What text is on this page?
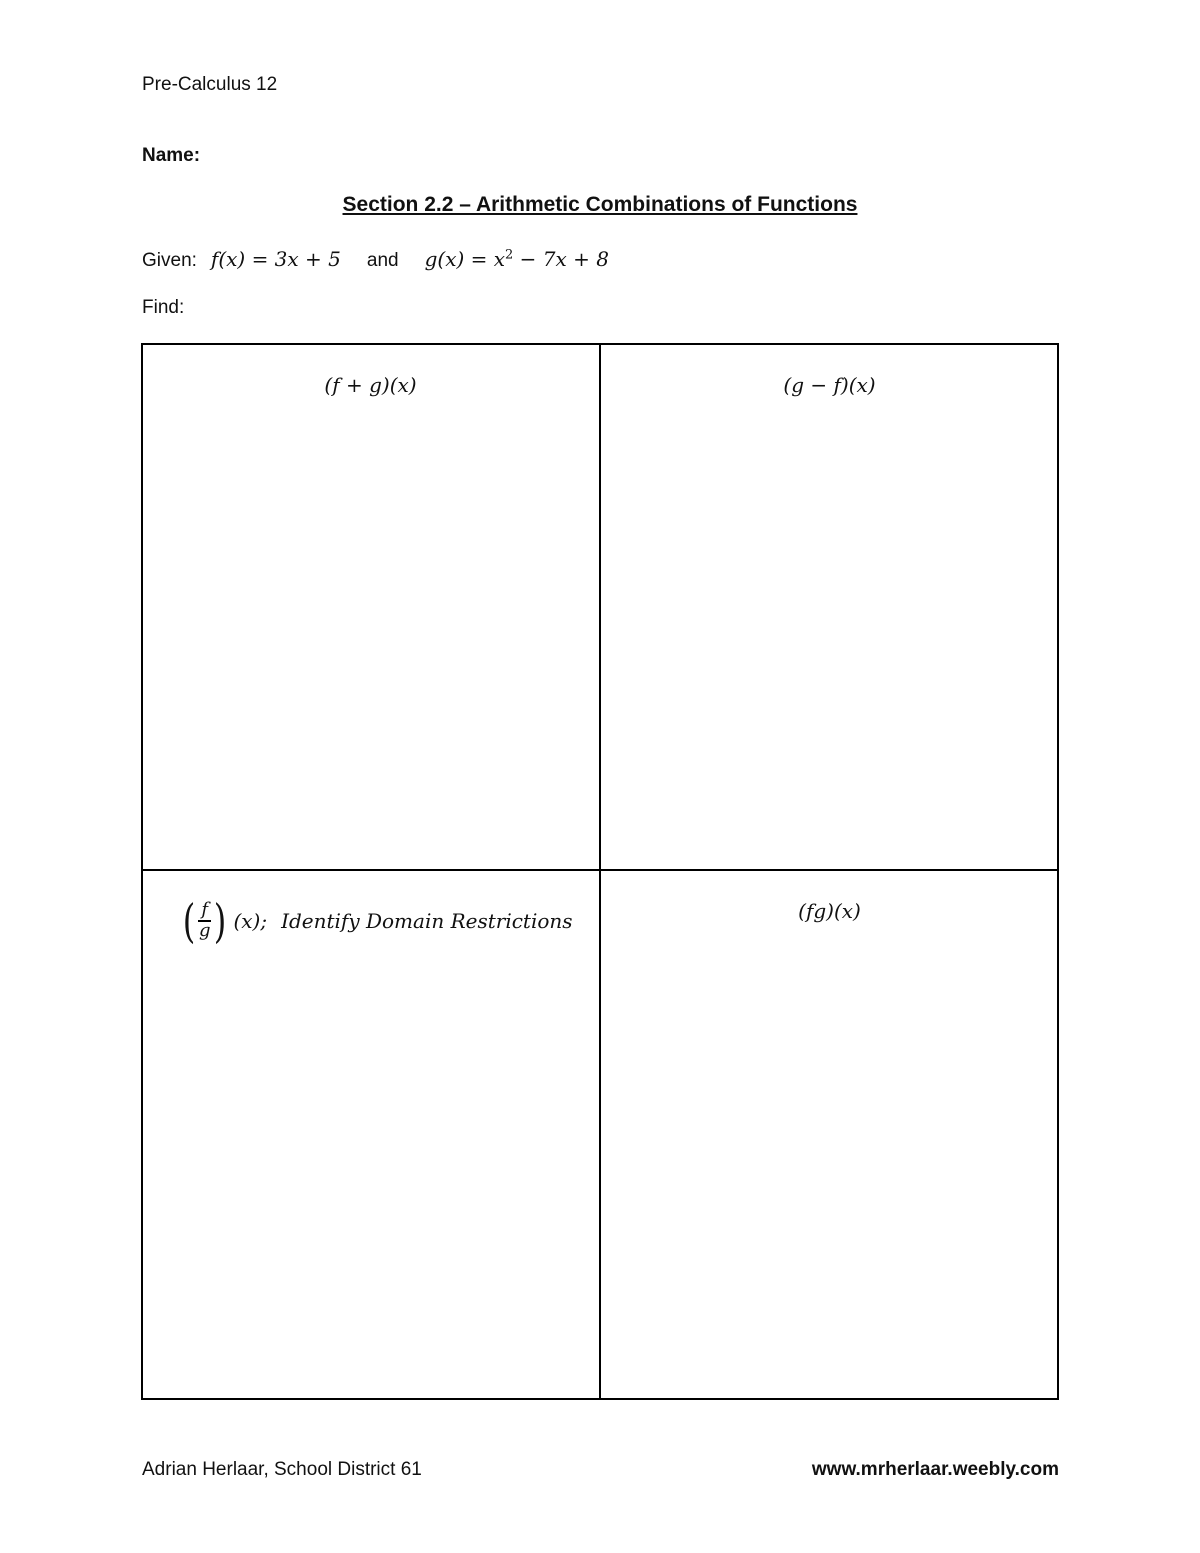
Pre-Calculus 12
Name:
Section 2.2 – Arithmetic Combinations of Functions
Given: f(x) = 3x + 5 and $g(x) = x^2 - 7x + 8$
Find:
(f + g)(x)	(g − f)(x)
( $\frac{f}{g}$ ) (x); Identify Domain Restrictions	(fg)(x)
Adrian Herlaar, School District 61	www.mrherlaar.weebly.com
